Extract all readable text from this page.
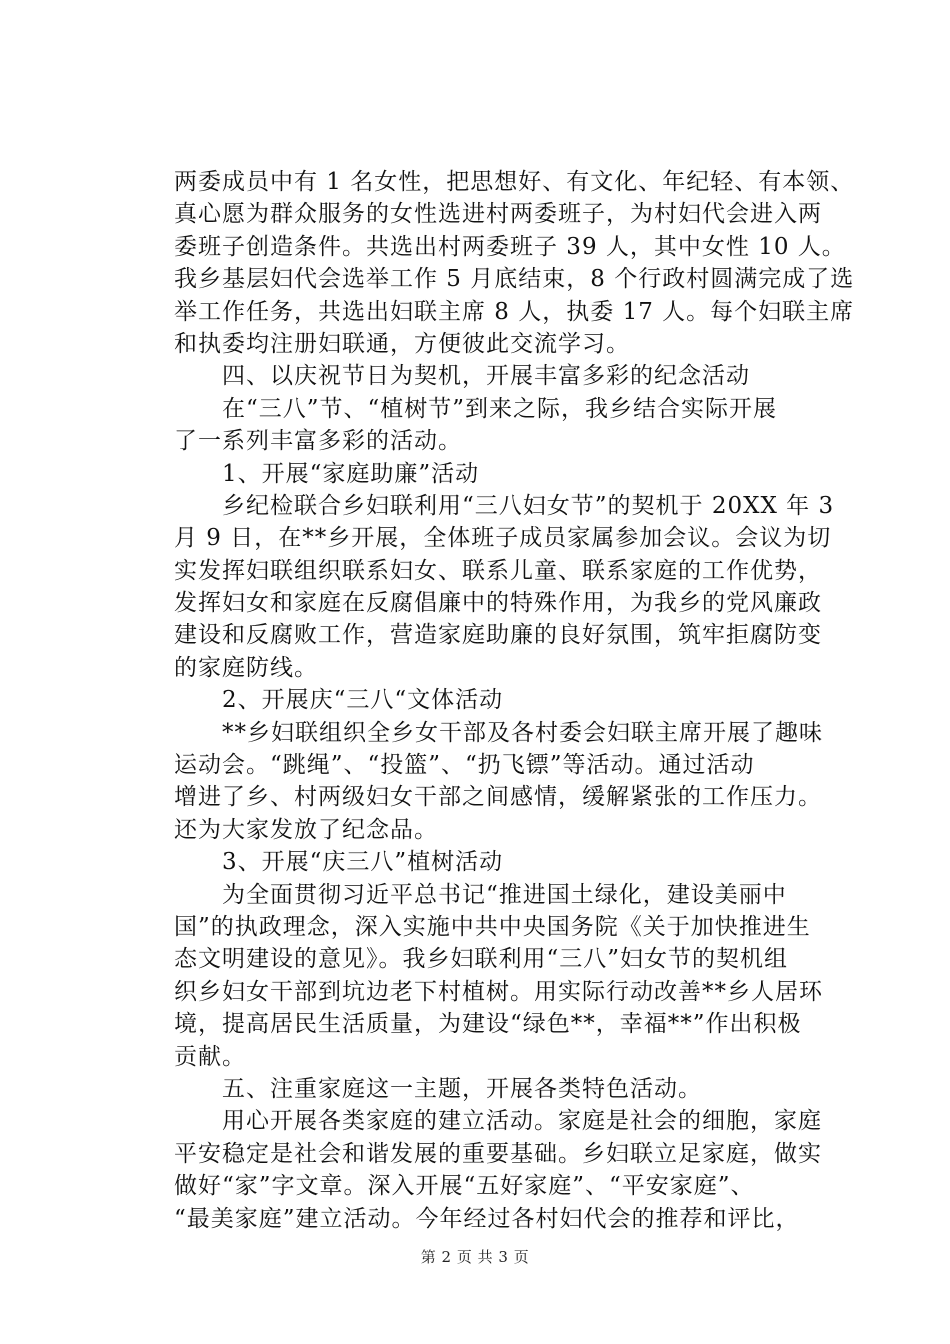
两委成员中有 1 名女性，把思想好、有文化、年纪轻、有本领、
真心愿为群众服务的女性选进村两委班子，为村妇代会进入两
委班子创造条件。共选出村两委班子 39 人，其中女性 10 人。
我乡基层妇代会选举工作 5 月底结束，8 个行政村圆满完成了选
举工作任务，共选出妇联主席 8 人，执委 17 人。每个妇联主席
和执委均注册妇联通，方便彼此交流学习。
　　四、以庆祝节日为契机，开展丰富多彩的纪念活动
　　在“三八”节、“植树节”到来之际，我乡结合实际开展
了一系列丰富多彩的活动。
　　1、开展“家庭助廉”活动
　　乡纪检联合乡妇联利用“三八妇女节”的契机于 20XX 年 3
月 9 日，在**乡开展，全体班子成员家属参加会议。会议为切
实发挥妇联组织联系妇女、联系儿童、联系家庭的工作优势，
发挥妇女和家庭在反腐倡廉中的特殊作用，为我乡的党风廉政
建设和反腐败工作，营造家庭助廉的良好氛围，筑牢拒腐防变
的家庭防线。
　　2、开展庆“三八“文体活动
　　**乡妇联组织全乡女干部及各村委会妇联主席开展了趣味
运动会。“跳绳”、“投篮”、“扔飞镖”等活动。通过活动
增进了乡、村两级妇女干部之间感情，缓解紧张的工作压力。
还为大家发放了纪念品。
　　3、开展“庆三八”植树活动
　　为全面贯彻习近平总书记“推进国土绿化，建设美丽中
国”的执政理念，深入实施中共中央国务院《关于加快推进生
态文明建设的意见》。我乡妇联利用“三八”妇女节的契机组
织乡妇女干部到坑边老下村植树。用实际行动改善**乡人居环
境，提高居民生活质量，为建设“绿色**，幸福**”作出积极
贡献。
　　五、注重家庭这一主题，开展各类特色活动。
　　用心开展各类家庭的建立活动。家庭是社会的细胞，家庭
平安稳定是社会和谐发展的重要基础。乡妇联立足家庭，做实
做好“家”字文章。深入开展“五好家庭”、“平安家庭”、
“最美家庭”建立活动。今年经过各村妇代会的推荐和评比，
第 2 页 共 3 页
